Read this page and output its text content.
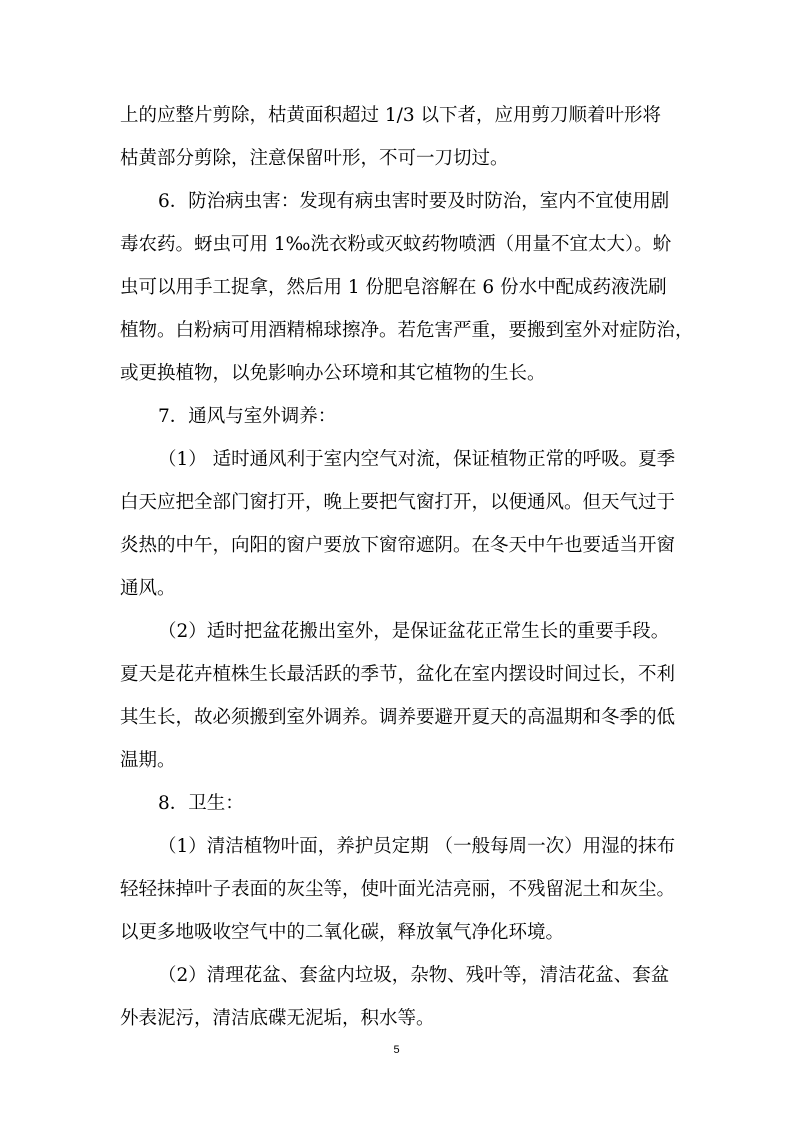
上的应整片剪除，枯黄面积超过 1/3 以下者，应用剪刀顺着叶形将
枯黄部分剪除，注意保留叶形，不可一刀切过。
6．防治病虫害：发现有病虫害时要及时防治，室内不宜使用剧
毒农药。蚜虫可用 1‰洗衣粉或灭蚊药物喷洒（用量不宜太大）。蚧
虫可以用手工捉拿，然后用 1 份肥皂溶解在 6 份水中配成药液洗刷
植物。白粉病可用酒精棉球擦净。若危害严重，要搬到室外对症防治，
或更换植物，以免影响办公环境和其它植物的生长。
7．通风与室外调养：
（1） 适时通风利于室内空气对流，保证植物正常的呼吸。夏季
白天应把全部门窗打开，晚上要把气窗打开，以便通风。但天气过于
炎热的中午，向阳的窗户要放下窗帘遮阴。在冬天中午也要适当开窗
通风。
（2）适时把盆花搬出室外，是保证盆花正常生长的重要手段。
夏天是花卉植株生长最活跃的季节，盆化在室内摆设时间过长，不利
其生长，故必须搬到室外调养。调养要避开夏天的高温期和冬季的低
温期。
8．卫生：
（1）清洁植物叶面，养护员定期 （一般每周一次）用湿的抹布
轻轻抹掉叶子表面的灰尘等，使叶面光洁亮丽，不残留泥土和灰尘。
以更多地吸收空气中的二氧化碳，释放氧气净化环境。
（2）清理花盆、套盆内垃圾，杂物、残叶等，清洁花盆、套盆
外表泥污，清洁底碟无泥垢，积水等。
5
